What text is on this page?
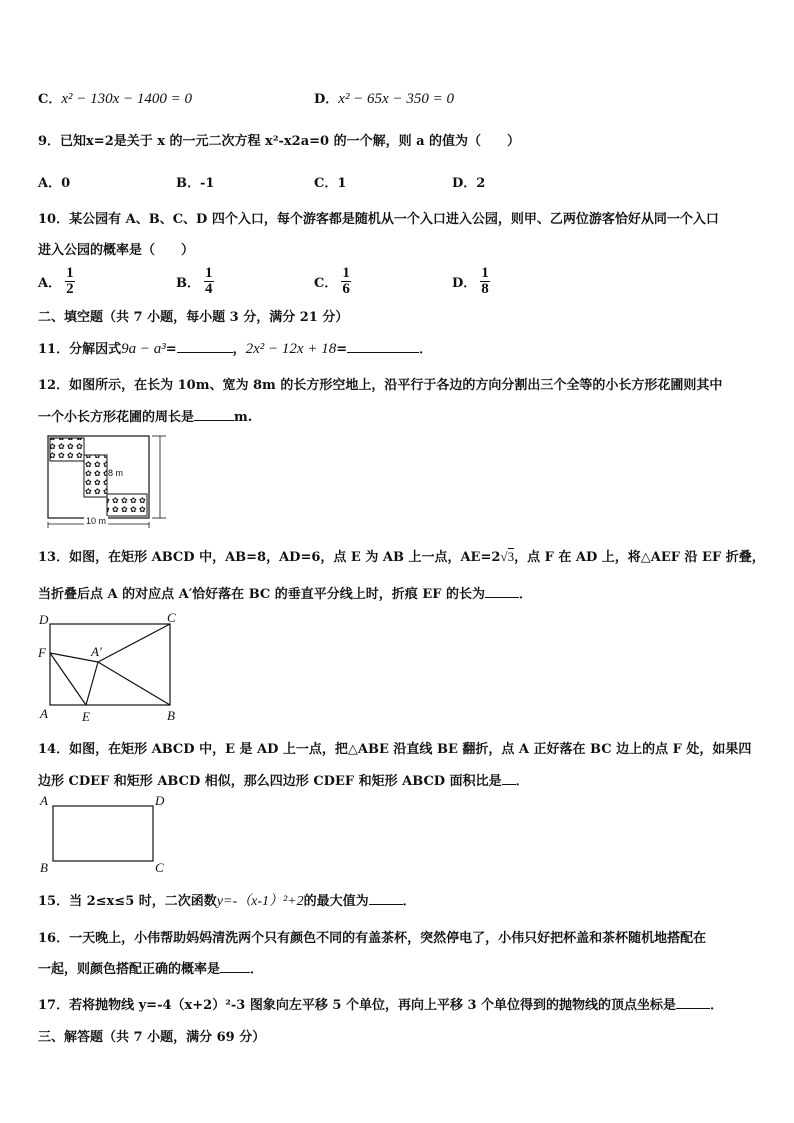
C．x² − 130x − 1400 = 0	D．x² − 65x − 350 = 0
9．已知x=2是关于 x 的一元二次方程 x²-x2a=0 的一个解，则 a 的值为（　　）
A．0	B．-1	C．1	D．2
10．某公园有 A、B、C、D 四个入口，每个游客都是随机从一个入口进入公园，则甲、乙两位游客恰好从同一个入口
进入公园的概率是（　　）
A． $\frac{1}{2}$	B． $\frac{1}{4}$	C． $\frac{1}{6}$	D． $\frac{1}{8}$
二、填空题（共 7 小题，每小题 3 分，满分 21 分）
11．分解因式9a − a³=	，2x² − 12x + 18=	．
12．如图所示，在长为 10m、宽为 8m 的长方形空地上，沿平行于各边的方向分割出三个全等的小长方形花圃则其中
一个小长方形花圃的周长是	m.
8 m
10 m
13．如图，在矩形 ABCD 中，AB=8，AD=6，点 E 为 AB 上一点，AE=2√3，点 F 在 AD 上，将△AEF 沿 EF 折叠，
当折叠后点 A 的对应点 A′恰好落在 BC 的垂直平分线上时，折痕 EF 的长为	．
D	C
F	A′
A	E	B
14．如图，在矩形 ABCD 中，E 是 AD 上一点，把△ABE 沿直线 BE 翻折，点 A 正好落在 BC 边上的点 F 处，如果四
边形 CDEF 和矩形 ABCD 相似，那么四边形 CDEF 和矩形 ABCD 面积比是 ．
A	D
B	C
15．当 2≤x≤5 时，二次函数y=-（x-1）²+2的最大值为	．
16．一天晚上，小伟帮助妈妈清洗两个只有颜色不同的有盖茶杯，突然停电了，小伟只好把杯盖和茶杯随机地搭配在
一起，则颜色搭配正确的概率是 ．
17．若将抛物线 y=-4（x+2）²-3 图象向左平移 5 个单位，再向上平移 3 个单位得到的抛物线的顶点坐标是	．
三、解答题（共 7 小题，满分 69 分）
